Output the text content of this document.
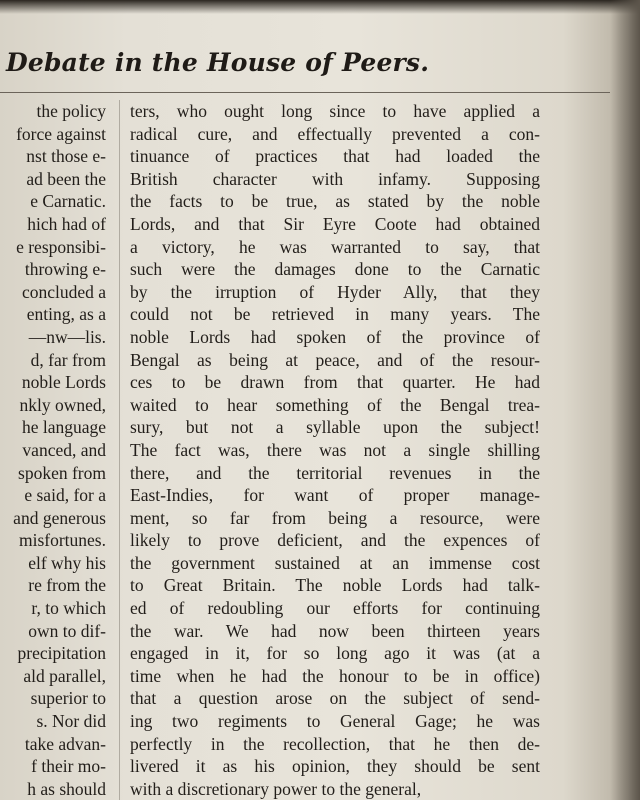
Debate in the House of Peers.
the policy
force against
nst those e-
ad been the
e Carnatic.
hich had of
e responsibi-
throwing e-
concluded a
enting, as a
—nw—lis.
d, far from
noble Lords
nkly owned,
he language
vanced, and
spoken from
e said, for a
and generous
misfortunes.
elf why his
re from the
r, to which
own to dif-
precipitation
ald parallel,
superior to
s. Nor did
take advan-
f their mo-
h as should
ters, who ought long since to have applied a
radical cure, and effectually prevented a con-
tinuance of practices that had loaded the
British character with infamy. Supposing
the facts to be true, as stated by the noble
Lords, and that Sir Eyre Coote had obtained
a victory, he was warranted to say, that
such were the damages done to the Carnatic
by the irruption of Hyder Ally, that they
could not be retrieved in many years. The
noble Lords had spoken of the province of
Bengal as being at peace, and of the resour-
ces to be drawn from that quarter. He had
waited to hear something of the Bengal trea-
sury, but not a syllable upon the subject!
The fact was, there was not a single shilling
there, and the territorial revenues in the
East-Indies, for want of proper manage-
ment, so far from being a resource, were
likely to prove deficient, and the expences of
the government sustained at an immense cost
to Great Britain. The noble Lords had talk-
ed of redoubling our efforts for continuing
the war. We had now been thirteen years
engaged in it, for so long ago it was (at a
time when he had the honour to be in office)
that a question arose on the subject of send-
ing two regiments to General Gage; he was
perfectly in the recollection, that he then de-
livered it as his opinion, they should be sent
with a discretionary power to the general,
